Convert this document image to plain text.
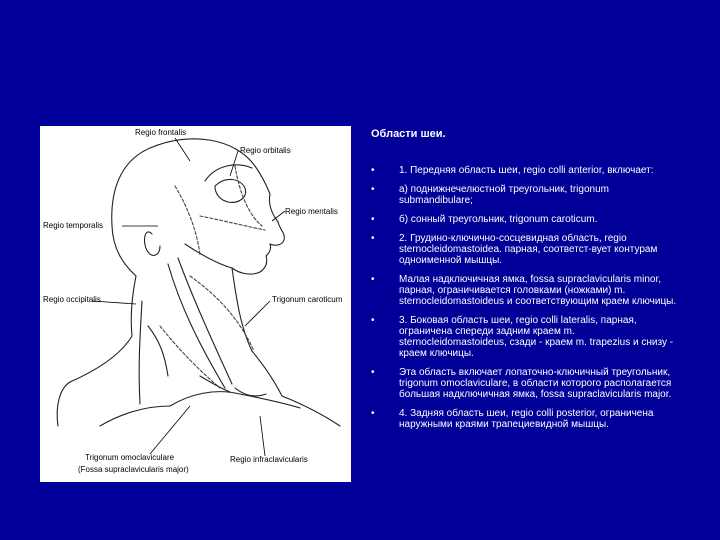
Regio frontalis
Regio orbitalis
Regio mentalis
Regio temporalis
Regio occipitalis	Trigonum caroticum
Trigonum omoclaviculare
(Fossa supraclavicularis major)
Regio infraclavicularis

Области шеи.

• 1. Передняя область шеи, regio colli anterior, включает:
• а) поднижнечелюстной треугольник, trigonum submandibulare;
• б) сонный треугольник, trigonum caroticum.
• 2. Грудино-ключично-сосцевидная область, regio sternocleidomastoidea. парная, соответст-вует контурам одноименной мышцы.
• Малая надключичная ямка, fossa supraclavicularis minor, парная, ограничивается головками (ножками) m. sternocleidomastoideus и соответствующим краем ключицы.
• 3. Боковая область шеи, regio colli lateralis, парная, ограничена спереди задним краем m. sternocleidomastoideus, сзади - краем m. trapezius и снизу - краем ключицы.
• Эта область включает лопаточно-ключичный треугольник, trigonum omoclaviculare, в области которого располагается большая надключичная ямка, fossa supraclavicularis major.
• 4. Задняя область шеи, regio colli posterior, ограничена наружными краями трапециевидной мышцы.
